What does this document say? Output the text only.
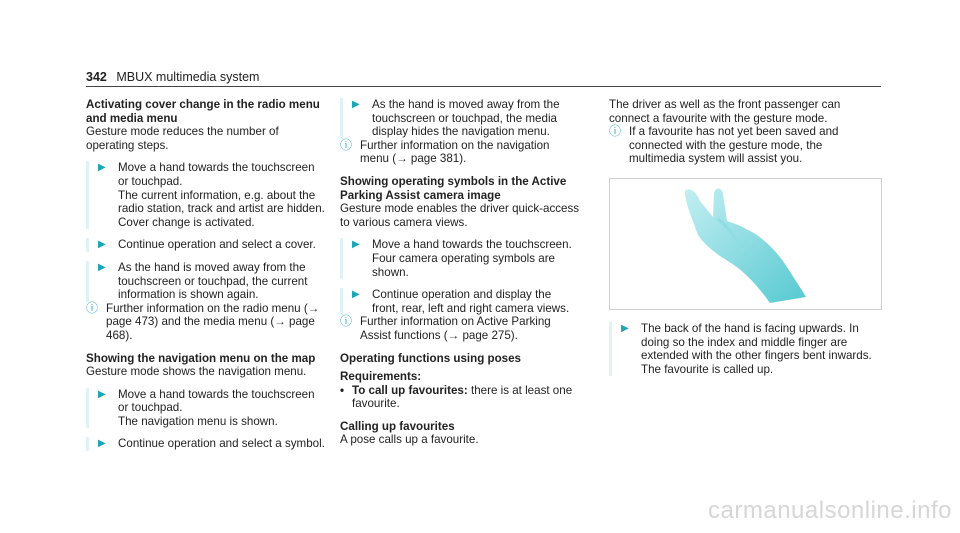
342 MBUX multimedia system

Activating cover change in the radio menu and media menu

Gesture mode reduces the number of operating steps.

▶	Move a hand towards the touchscreen or touchpad.

The current information, e.g. about the radio station, track and artist are hidden. Cover change is activated.

▶	Continue operation and select a cover.

▶	As the hand is moved away from the touchscreen or touchpad, the current information is shown again.

ⓘ Further information on the radio menu (→ page 473) and the media menu (→ page 468).

Showing the navigation menu on the map

Gesture mode shows the navigation menu.

▶	Move a hand towards the touchscreen or touchpad.

The navigation menu is shown.

▶	Continue operation and select a symbol.

▶	As the hand is moved away from the touchscreen or touchpad, the media display hides the navigation menu.

ⓘ Further information on the navigation menu (→ page 381).

Showing operating symbols in the Active Parking Assist camera image

Gesture mode enables the driver quick-access to various camera views.

▶	Move a hand towards the touchscreen.

Four camera operating symbols are shown.

▶	Continue operation and display the front, rear, left and right camera views.

ⓘ Further information on Active Parking Assist functions (→ page 275).

Operating functions using poses

Requirements:

• To call up favourites: there is at least one favourite.

Calling up favourites

A pose calls up a favourite.

The driver as well as the front passenger can connect a favourite with the gesture mode.

ⓘ If a favourite has not yet been saved and connected with the gesture mode, the multimedia system will assist you.
▶	The back of the hand is facing upwards. In doing so the index and middle finger are extended with the other fingers bent inwards.

The favourite is called up.

carmanualsonline.info
